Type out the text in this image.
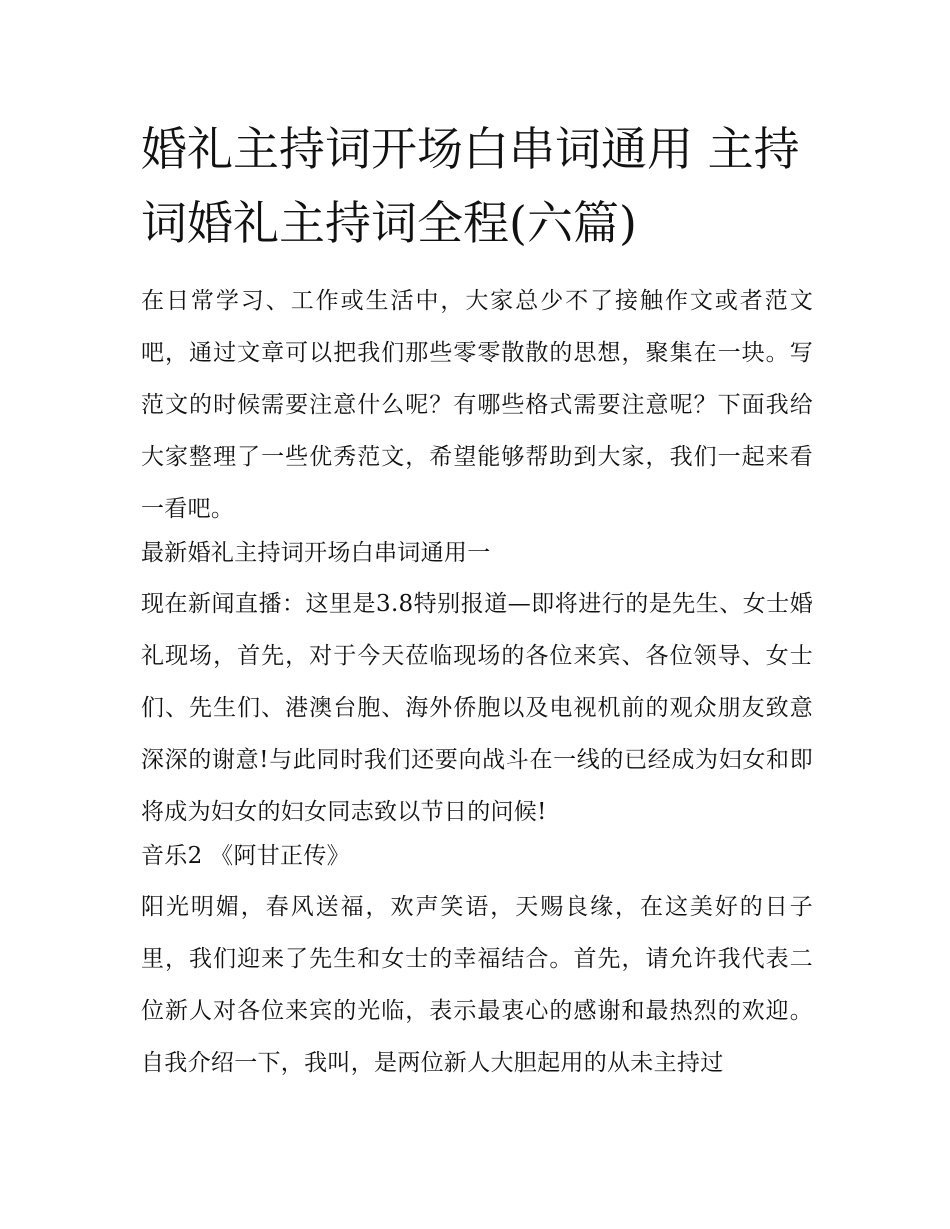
婚礼主持词开场白串词通用 主持词婚礼主持词全程(六篇)

在日常学习、工作或生活中，大家总少不了接触作文或者范文吧，通过文章可以把我们那些零零散散的思想，聚集在一块。写范文的时候需要注意什么呢？有哪些格式需要注意呢？下面我给大家整理了一些优秀范文，希望能够帮助到大家，我们一起来看一看吧。

最新婚礼主持词开场白串词通用一

现在新闻直播：这里是3.8特别报道—即将进行的是先生、女士婚礼现场，首先，对于今天莅临现场的各位来宾、各位领导、女士们、先生们、港澳台胞、海外侨胞以及电视机前的观众朋友致意深深的谢意!与此同时我们还要向战斗在一线的已经成为妇女和即将成为妇女的妇女同志致以节日的问候!

音乐2 《阿甘正传》

阳光明媚，春风送福，欢声笑语，天赐良缘，在这美好的日子里，我们迎来了先生和女士的幸福结合。首先，请允许我代表二位新人对各位来宾的光临，表示最衷心的感谢和最热烈的欢迎。自我介绍一下，我叫，是两位新人大胆起用的从未主持过
